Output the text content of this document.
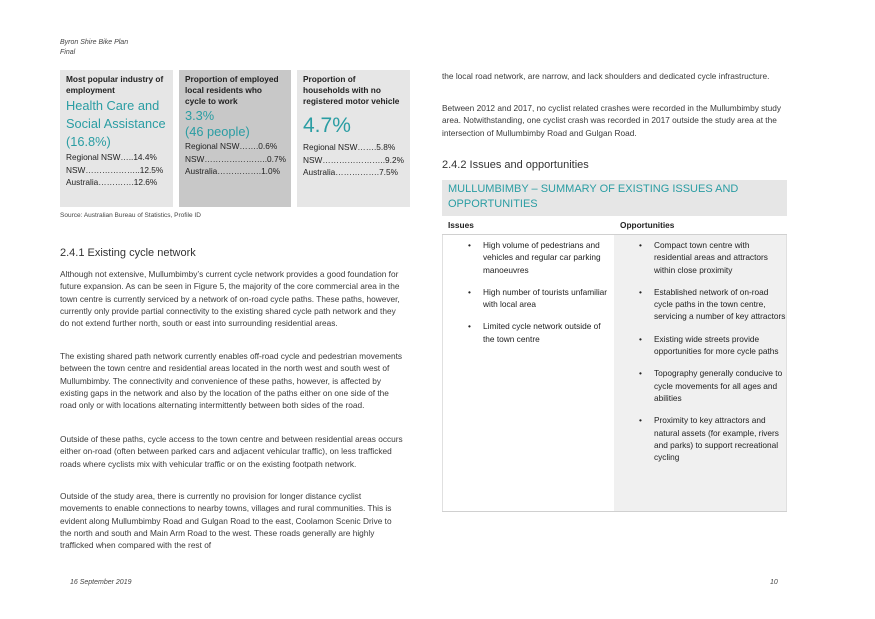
Byron Shire Bike Plan
Final
Most popular industry of employment
Health Care and Social Assistance (16.8%)
Regional NSW…..14.4%
NSW………………..12.5%
Australia………….12.6%
Proportion of employed local residents who cycle to work
3.3%
(46 people)
Regional NSW…….0.6%
NSW…………………..0.7%
Australia…………….1.0%
Proportion of households with no registered motor vehicle
4.7%
Regional NSW…….5.8%
NSW…………………..9.2%
Australia…………….7.5%
Source: Australian Bureau of Statistics, Profile ID
2.4.1 Existing cycle network

Although not extensive, Mullumbimby’s current cycle network provides a good foundation for future expansion. As can be seen in Figure 5, the majority of the core commercial area in the town centre is currently serviced by a network of on-road cycle paths. These paths, however, currently only provide partial connectivity to the existing shared cycle path network and they do not extend further north, south or east into surrounding residential areas.

The existing shared path network currently enables off-road cycle and pedestrian movements between the town centre and residential areas located in the north west and south west of Mullumbimby. The connectivity and convenience of these paths, however, is affected by existing gaps in the network and also by the location of the paths either on one side of the road only or with locations alternating intermittently between both sides of the road.

Outside of these paths, cycle access to the town centre and between residential areas occurs either on-road (often between parked cars and adjacent vehicular traffic), on less trafficked roads where cyclists mix with vehicular traffic or on the existing footpath network.

Outside of the study area, there is currently no provision for longer distance cyclist movements to enable connections to nearby towns, villages and rural communities. This is evident along Mullumbimby Road and Gulgan Road to the east, Coolamon Scenic Drive to the north and south and Main Arm Road to the west. These roads generally are highly trafficked when compared with the rest of

the local road network, are narrow, and lack shoulders and dedicated cycle infrastructure.

Between 2012 and 2017, no cyclist related crashes were recorded in the Mullumbimby study area. Notwithstanding, one cyclist crash was recorded in 2017 outside the study area at the intersection of Mullumbimby Road and Gulgan Road.

2.4.2 Issues and opportunities
MULLUMBIMBY – SUMMARY OF EXISTING ISSUES AND OPPORTUNITIES
Issues	Opportunities
• High volume of pedestrians and vehicles and regular car parking manoeuvres
• High number of tourists unfamiliar with local area
• Limited cycle network outside of the town centre
• Compact town centre with residential areas and attractors within close proximity
• Established network of on-road cycle paths in the town centre, servicing a number of key attractors
• Existing wide streets provide opportunities for more cycle paths
• Topography generally conducive to cycle movements for all ages and abilities
• Proximity to key attractors and natural assets (for example, rivers and parks) to support recreational cycling
16 September 2019	10
